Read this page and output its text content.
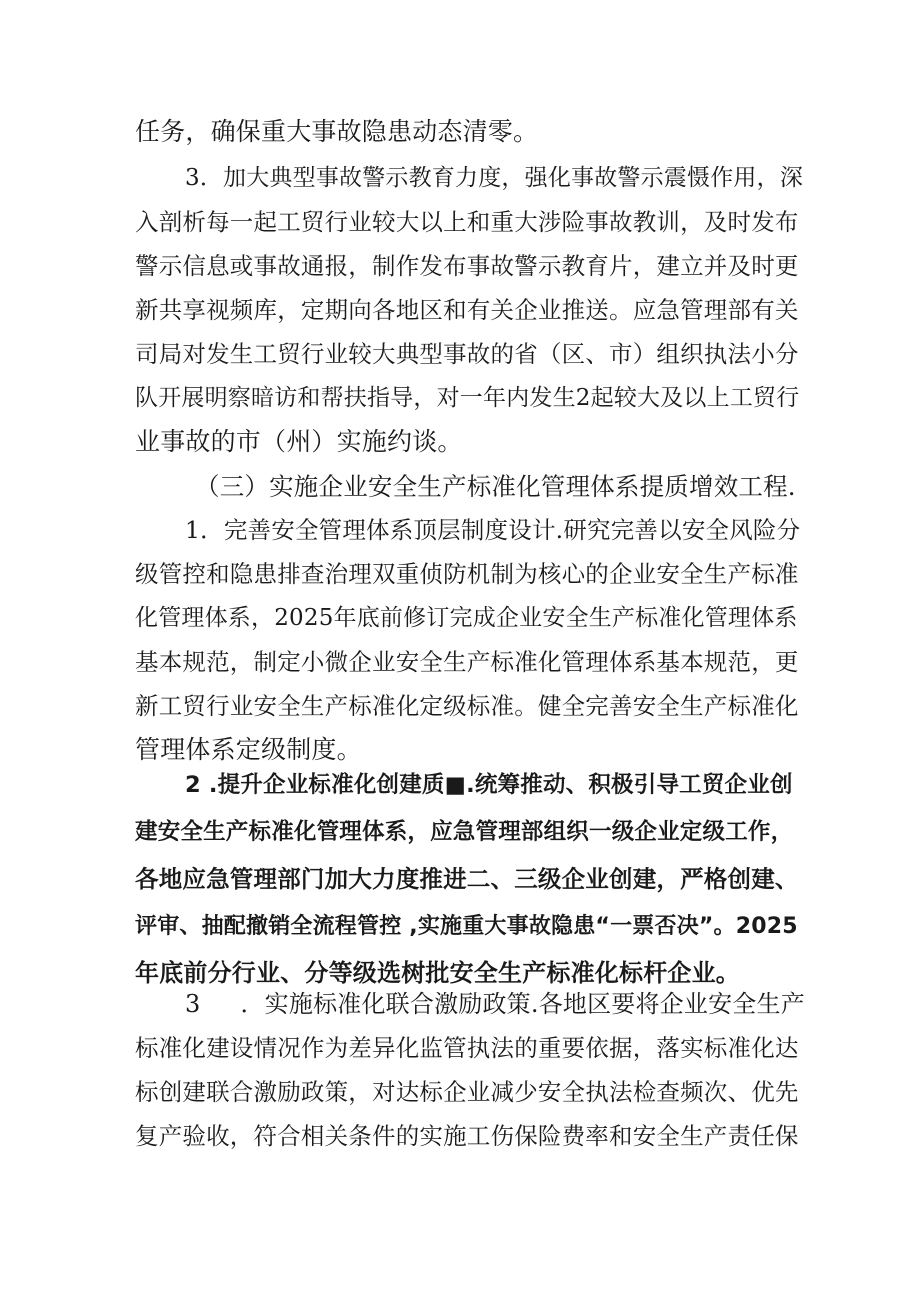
任务，确保重大事故隐患动态清零。
3．加大典型事故警示教育力度，强化事故警示震慑作用，深
入剖析每一起工贸行业较大以上和重大涉险事故教训，及时发布
警示信息或事故通报，制作发布事故警示教育片，建立并及时更
新共享视频库，定期向各地区和有关企业推送。应急管理部有关
司局对发生工贸行业较大典型事故的省（区、市）组织执法小分
队开展明察暗访和帮扶指导，对一年内发生2起较大及以上工贸行
业事故的市（州）实施约谈。
（三）实施企业安全生产标准化管理体系提质增效工程.
1．完善安全管理体系顶层制度设计.研究完善以安全风险分
级管控和隐患排查治理双重侦防机制为核心的企业安全生产标准
化管理体系，2025年底前修订完成企业安全生产标准化管理体系
基本规范，制定小微企业安全生产标准化管理体系基本规范，更
新工贸行业安全生产标准化定级标准。健全完善安全生产标准化
管理体系定级制度。
2 .提升企业标准化创建质■.统筹推动、积极引导工贸企业创
建安全生产标准化管理体系，应急管理部组织一级企业定级工作，
各地应急管理部门加大力度推进二、三级企业创建，严格创建、
评审、抽配撤销全流程管控 ,实施重大事故隐患“一票否决”。2025
年底前分行业、分等级选树批安全生产标准化标杆企业。
3 ．实施标准化联合激励政策.各地区要将企业安全生产
标准化建设情况作为差异化监管执法的重要依据，落实标准化达
标创建联合激励政策，对达标企业减少安全执法检查频次、优先
复产验收，符合相关条件的实施工伤保险费率和安全生产责任保
